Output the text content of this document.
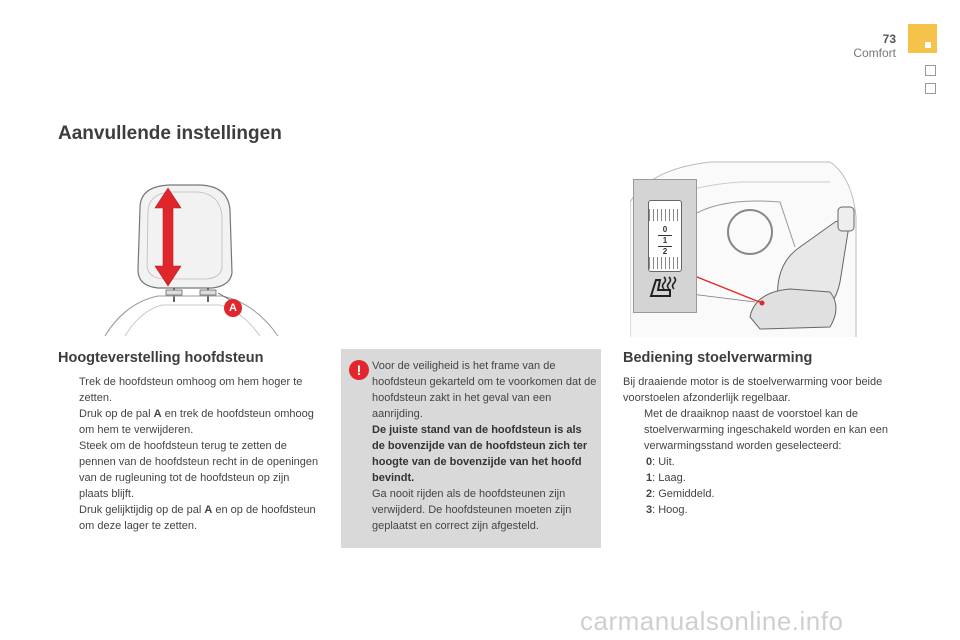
73
Comfort
Aanvullende instellingen
A
Hoogteverstelling hoofdsteun
Trek de hoofdsteun omhoog om hem hoger te zetten.
Druk op de pal A en trek de hoofdsteun omhoog om hem te verwijderen.
Steek om de hoofdsteun terug te zetten de pennen van de hoofdsteun recht in de openingen van de rugleuning tot de hoofdsteun op zijn plaats blijft.
Druk gelijktijdig op de pal A en op de hoofdsteun om deze lager te zetten.
! Voor de veiligheid is het frame van de hoofdsteun gekarteld om te voorkomen dat de hoofdsteun zakt in het geval van een aanrijding.
De juiste stand van de hoofdsteun is als de bovenzijde van de hoofdsteun zich ter hoogte van de bovenzijde van het hoofd bevindt.
Ga nooit rijden als de hoofdsteunen zijn verwijderd. De hoofdsteunen moeten zijn geplaatst en correct zijn afgesteld.
0
1
2
Bediening stoelverwarming
Bij draaiende motor is de stoelverwarming voor beide voorstoelen afzonderlijk regelbaar.
Met de draaiknop naast de voorstoel kan de stoelverwarming ingeschakeld worden en kan een verwarmingsstand worden geselecteerd:
0: Uit.
1: Laag.
2: Gemiddeld.
3: Hoog.
carmanualsonline.info
